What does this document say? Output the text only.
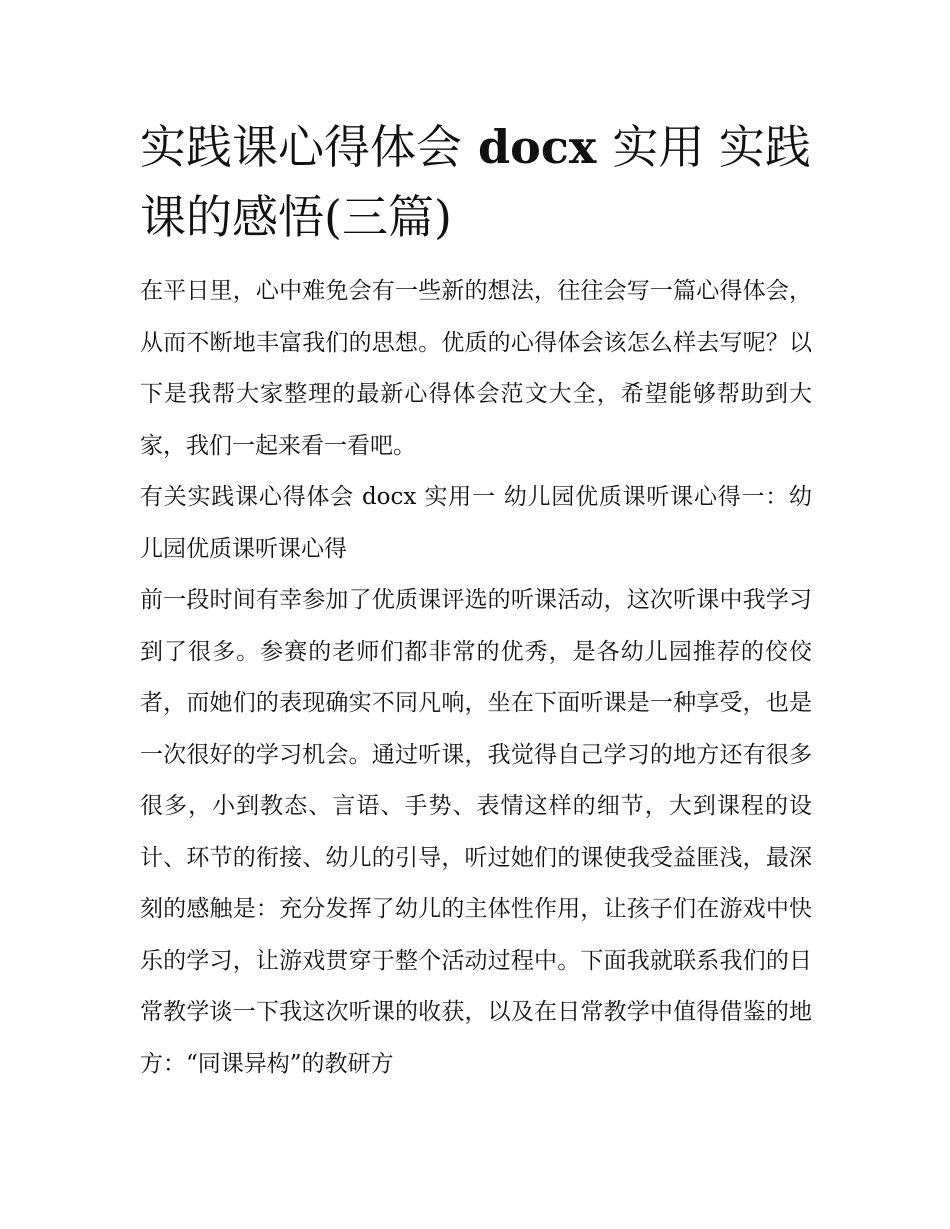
实践课心得体会 docx 实用 实践课的感悟(三篇)

在平日里，心中难免会有一些新的想法，往往会写一篇心得体会，从而不断地丰富我们的思想。优质的心得体会该怎么样去写呢？以下是我帮大家整理的最新心得体会范文大全，希望能够帮助到大家，我们一起来看一看吧。

有关实践课心得体会 docx 实用一 幼儿园优质课听课心得一：幼儿园优质课听课心得

前一段时间有幸参加了优质课评选的听课活动，这次听课中我学习到了很多。参赛的老师们都非常的优秀，是各幼儿园推荐的佼佼者，而她们的表现确实不同凡响，坐在下面听课是一种享受，也是一次很好的学习机会。通过听课，我觉得自己学习的地方还有很多很多，小到教态、言语、手势、表情这样的细节，大到课程的设计、环节的衔接、幼儿的引导，听过她们的课使我受益匪浅，最深刻的感触是：充分发挥了幼儿的主体性作用，让孩子们在游戏中快乐的学习，让游戏贯穿于整个活动过程中。下面我就联系我们的日常教学谈一下我这次听课的收获，以及在日常教学中值得借鉴的地方：“同课异构”的教研方
